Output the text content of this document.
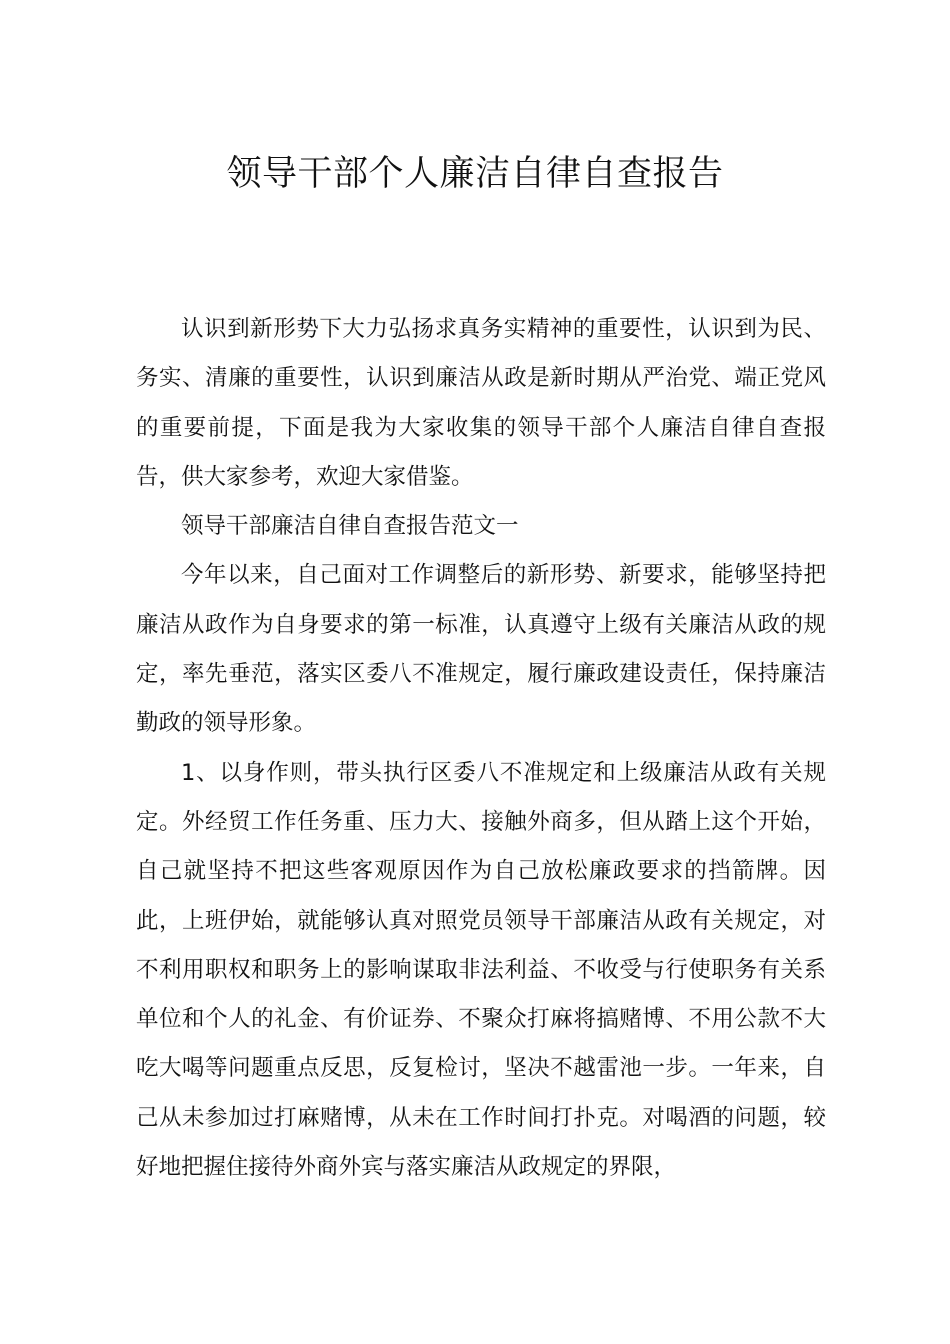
领导干部个人廉洁自律自查报告

认识到新形势下大力弘扬求真务实精神的重要性，认识到为民、务实、清廉的重要性，认识到廉洁从政是新时期从严治党、端正党风的重要前提，下面是我为大家收集的领导干部个人廉洁自律自查报告，供大家参考，欢迎大家借鉴。

领导干部廉洁自律自查报告范文一

今年以来，自己面对工作调整后的新形势、新要求，能够坚持把廉洁从政作为自身要求的第一标准，认真遵守上级有关廉洁从政的规定，率先垂范，落实区委八不准规定，履行廉政建设责任，保持廉洁勤政的领导形象。

1、以身作则，带头执行区委八不准规定和上级廉洁从政有关规定。外经贸工作任务重、压力大、接触外商多，但从踏上这个开始，自己就坚持不把这些客观原因作为自己放松廉政要求的挡箭牌。因此，上班伊始，就能够认真对照党员领导干部廉洁从政有关规定，对不利用职权和职务上的影响谋取非法利益、不收受与行使职务有关系单位和个人的礼金、有价证券、不聚众打麻将搞赌博、不用公款不大吃大喝等问题重点反思，反复检讨，坚决不越雷池一步。一年来，自己从未参加过打麻赌博，从未在工作时间打扑克。对喝酒的问题，较好地把握住接待外商外宾与落实廉洁从政规定的界限，
